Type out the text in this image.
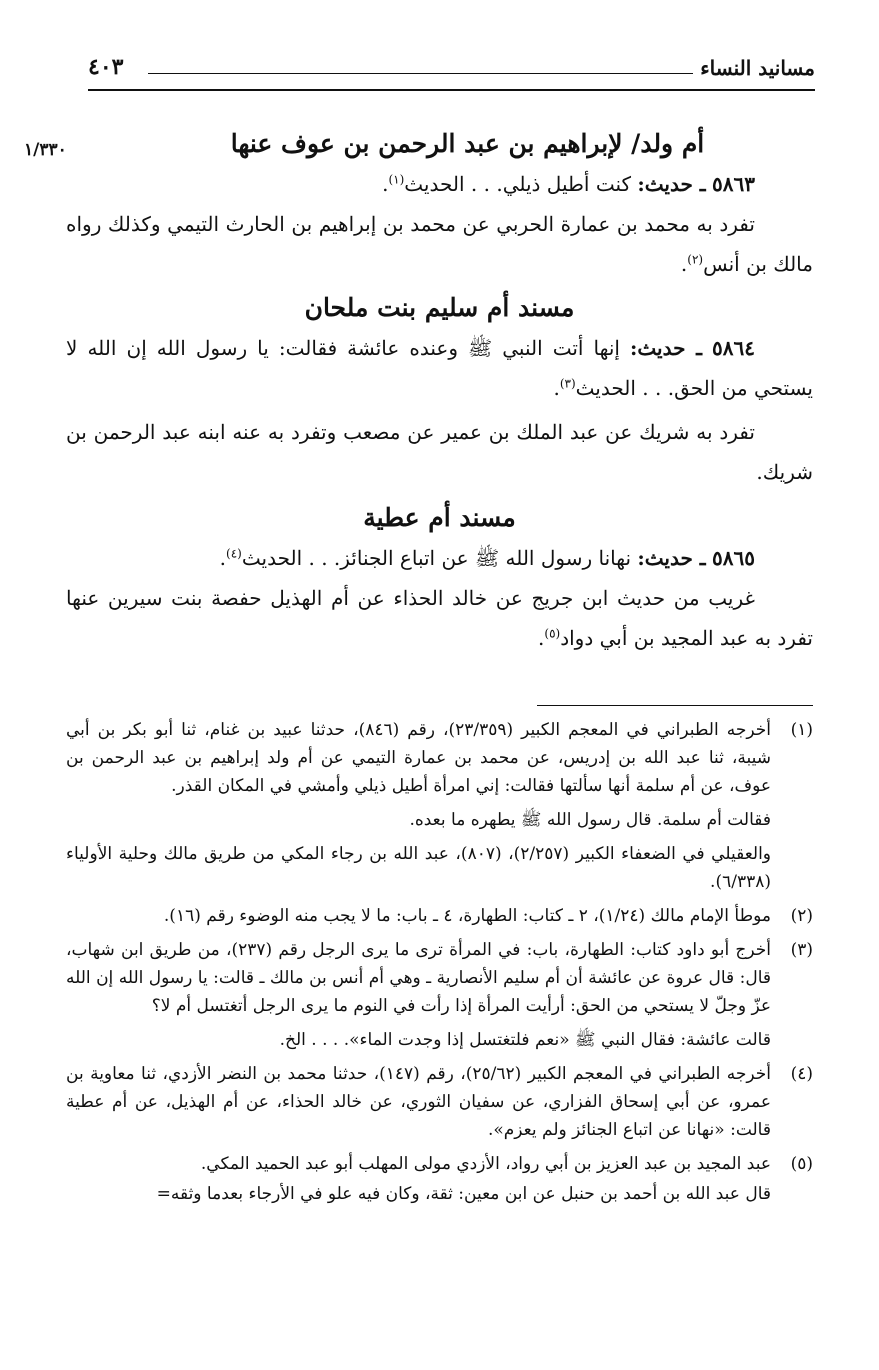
مسانيد النساء
٤٠٣
١/٣٣٠	أم ولد/ لإبراهيم بن عبد الرحمن بن عوف عنها

٥٨٦٣ ـ حديث: كنت أطيل ذيلي. . . الحديث$^{(١)}$.

تفرد به محمد بن عمارة الحربي عن محمد بن إبراهيم بن الحارث التيمي وكذلك رواه مالك بن أنس$^{(٢)}$.

مسند أم سليم بنت ملحان

٥٨٦٤ ـ حديث: إنها أتت النبي ﷺ وعنده عائشة فقالت: يا رسول الله إن الله لا يستحي من الحق. . . الحديث$^{(٣)}$.

تفرد به شريك عن عبد الملك بن عمير عن مصعب وتفرد به عنه ابنه عبد الرحمن بن شريك.

مسند أم عطية

٥٨٦٥ ـ حديث: نهانا رسول الله ﷺ عن اتباع الجنائز. . . الحديث$^{(٤)}$.

غريب من حديث ابن جريج عن خالد الحذاء عن أم الهذيل حفصة بنت سيرين عنها تفرد به عبد المجيد بن أبي دواد$^{(٥)}$.

(١)

أخرجه الطبراني في المعجم الكبير (٢٣/٣٥٩)، رقم (٨٤٦)، حدثنا عبيد بن غنام، ثنا أبو بكر بن أبي شيبة، ثنا عبد الله بن إدريس، عن محمد بن عمارة التيمي عن أم ولد إبراهيم بن عبد الرحمن بن عوف، عن أم سلمة أنها سألتها فقالت: إني امرأة أطيل ذيلي وأمشي في المكان القذر.

فقالت أم سلمة. قال رسول الله ﷺ يطهره ما بعده.

والعقيلي في الضعفاء الكبير (٢/٢٥٧)، (٨٠٧)، عبد الله بن رجاء المكي من طريق مالك وحلية الأولياء (٦/٣٣٨).

(٢)

موطأ الإمام مالك (١/٢٤)، ٢ ـ كتاب: الطهارة، ٤ ـ باب: ما لا يجب منه الوضوء رقم (١٦).

(٣)

أخرج أبو داود كتاب: الطهارة، باب: في المرأة ترى ما يرى الرجل رقم (٢٣٧)، من طريق ابن شهاب، قال: قال عروة عن عائشة أن أم سليم الأنصارية ـ وهي أم أنس بن مالك ـ قالت: يا رسول الله إن الله عزّ وجلّ لا يستحي من الحق: أرأيت المرأة إذا رأت في النوم ما يرى الرجل أتغتسل أم لا؟

قالت عائشة: فقال النبي ﷺ «نعم فلتغتسل إذا وجدت الماء». . . . الخ.

(٤)

أخرجه الطبراني في المعجم الكبير (٢٥/٦٢)، رقم (١٤٧)، حدثنا محمد بن النضر الأزدي، ثنا معاوية بن عمرو، عن أبي إسحاق الفزاري، عن سفيان الثوري، عن خالد الحذاء، عن أم الهذيل، عن أم عطية قالت: «نهانا عن اتباع الجنائز ولم يعزم».

(٥)

عبد المجيد بن عبد العزيز بن أبي رواد، الأزدي مولى المهلب أبو عبد الحميد المكي.

قال عبد الله بن أحمد بن حنبل عن ابن معين: ثقة، وكان فيه علو في الأرجاء بعدما وثقه=
